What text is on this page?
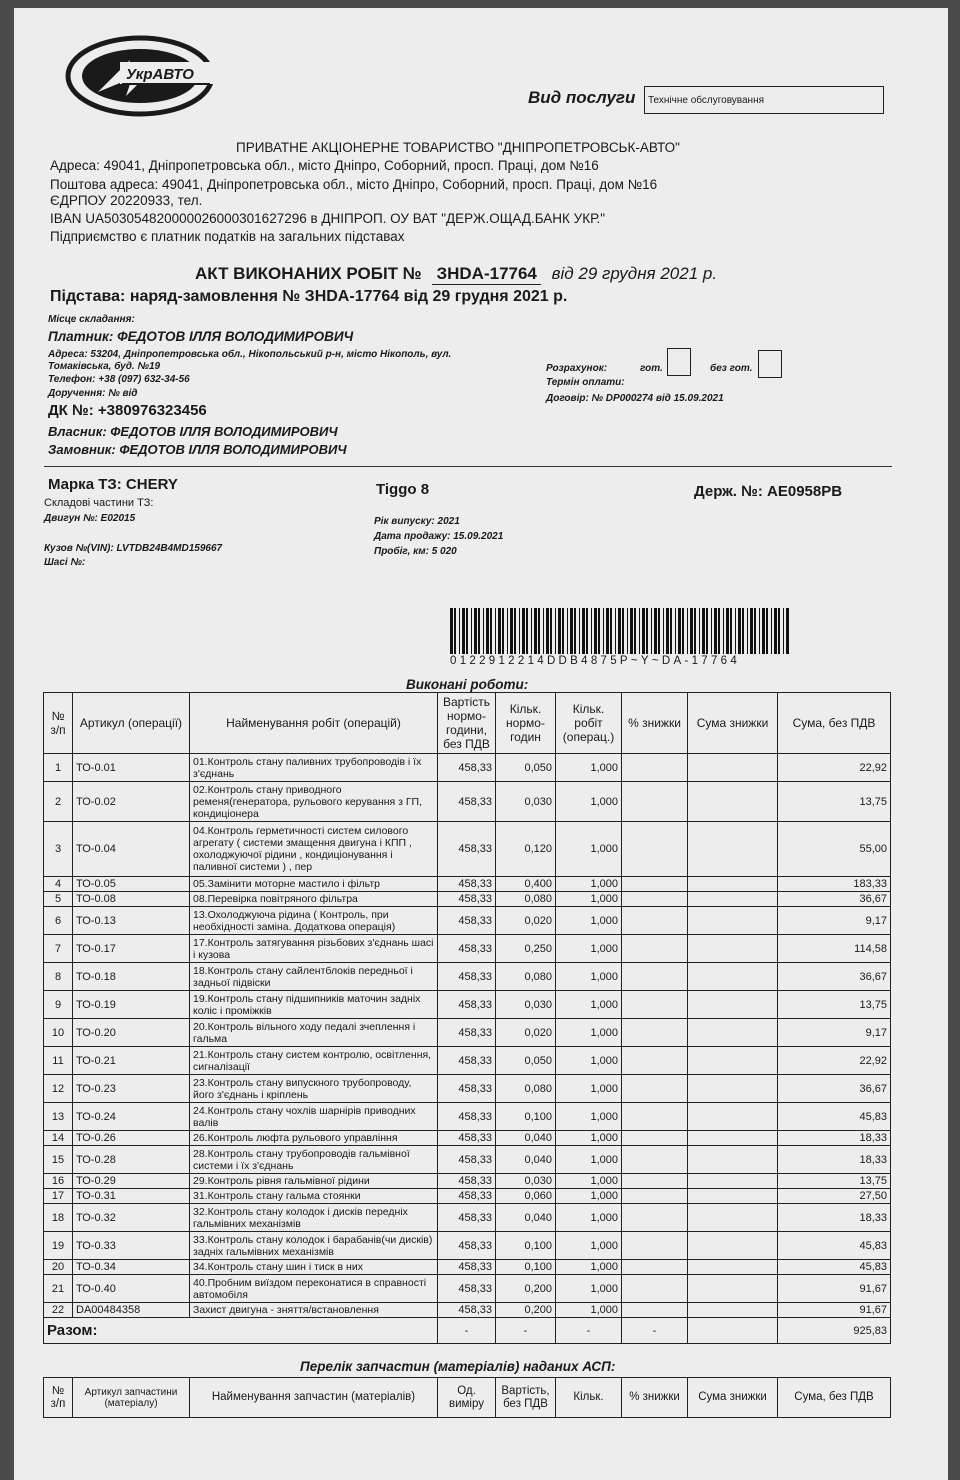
УкрАВТО
Вид послуги	Технічне обслуговування
ПРИВАТНЕ АКЦІОНЕРНЕ ТОВАРИСТВО "ДНІПРОПЕТРОВСЬК-АВТО"
Адреса: 49041, Дніпропетровська обл., місто Дніпро, Соборний, просп. Праці, дом №16
Поштова адреса: 49041, Дніпропетровська обл., місто Дніпро, Соборний, просп. Праці, дом №16
ЄДРПОУ 20220933, тел.
IBAN UA503054820000026000301627296 в ДНІПРОП. ОУ ВАТ "ДЕРЖ.ОЩАД.БАНК УКР."
Підприємство є платник податків на загальних підставах
АКТ ВИКОНАНИХ РОБІТ № ЗНDA-17764 від 29 грудня 2021 р.
Підстава: наряд-замовлення № ЗНDA-17764 від 29 грудня 2021 р.
Місце складання:
Платник: ФЕДОТОВ ІЛЛЯ ВОЛОДИМИРОВИЧ
Адреса: 53204, Дніпропетровська обл., Нікопольський р-н, місто Нікополь, вул.
Томаківська, буд. №19
Телефон: +38 (097) 632-34-56
Доручення: № від
ДК №: +380976323456
Власник: ФЕДОТОВ ІЛЛЯ ВОЛОДИМИРОВИЧ
Замовник: ФЕДОТОВ ІЛЛЯ ВОЛОДИМИРОВИЧ
Розрахунок:	гот.	без гот.
Термін оплати:
Договір: № DP000274 від 15.09.2021
Марка ТЗ: CHERY	Tiggo 8	Держ. №: AE0958PB
Складові частини ТЗ:
Двигун №: E02015
Кузов №(VIN): LVTDB24B4MD159667
Шасі №:
Рік випуску: 2021
Дата продажу: 15.09.2021
Пробіг, км: 5 020
0122912214DDB4875P~Y~DA-17764
Виконані роботи:
№ з/п	Артикул (операції)	Найменування робіт (операцій)	Вартість нормо-години, без ПДВ	Кільк. нормо-годин	Кільк. робіт (операц.)	% знижки	Сума знижки	Сума, без ПДВ
1	ТО-0.01	01.Контроль стану паливних трубопроводів і їх з'єднань	458,33	0,050	1,000			22,92
2	ТО-0.02	02.Контроль стану приводного ременя(генератора, рульового керування з ГП, кондиціонера	458,33	0,030	1,000			13,75
3	ТО-0.04	04.Контроль герметичності систем силового агрегату ( системи змащення двигуна і КПП , охолоджуючої рідини , кондиціонування і паливної системи ) , пер	458,33	0,120	1,000			55,00
4	ТО-0.05	05.Замінити моторне мастило і фільтр	458,33	0,400	1,000			183,33
5	ТО-0.08	08.Перевірка повітряного фільтра	458,33	0,080	1,000			36,67
6	ТО-0.13	13.Охолоджуюча рідина ( Контроль, при необхідності заміна. Додаткова операція)	458,33	0,020	1,000			9,17
7	ТО-0.17	17.Контроль затягування різьбових з'єднань шасі і кузова	458,33	0,250	1,000			114,58
8	ТО-0.18	18.Контроль стану сайлентблоків передньої і задньої підвіски	458,33	0,080	1,000			36,67
9	ТО-0.19	19.Контроль стану підшипників маточин задніх коліс і проміжків	458,33	0,030	1,000			13,75
10	ТО-0.20	20.Контроль вільного ходу педалі зчеплення і гальма	458,33	0,020	1,000			9,17
11	ТО-0.21	21.Контроль стану систем контролю, освітлення, сигналізації	458,33	0,050	1,000			22,92
12	ТО-0.23	23.Контроль стану випускного трубопроводу, його з'єднань і кріплень	458,33	0,080	1,000			36,67
13	ТО-0.24	24.Контроль стану чохлів шарнірів приводних валів	458,33	0,100	1,000			45,83
14	ТО-0.26	26.Контроль люфта рульового управління	458,33	0,040	1,000			18,33
15	ТО-0.28	28.Контроль стану трубопроводів гальмівної системи і їх з'єднань	458,33	0,040	1,000			18,33
16	ТО-0.29	29.Контроль рівня гальмівної рідини	458,33	0,030	1,000			13,75
17	ТО-0.31	31.Контроль стану гальма стоянки	458,33	0,060	1,000			27,50
18	ТО-0.32	32.Контроль стану колодок і дисків передніх гальмівних механізмів	458,33	0,040	1,000			18,33
19	ТО-0.33	33.Контроль стану колодок і барабанів(чи дисків) задніх гальмівних механізмів	458,33	0,100	1,000			45,83
20	ТО-0.34	34.Контроль стану шин і тиск в них	458,33	0,100	1,000			45,83
21	ТО-0.40	40.Пробним виїздом переконатися в справності автомобіля	458,33	0,200	1,000			91,67
22	DA00484358	Захист двигуна - зняття/встановлення	458,33	0,200	1,000			91,67
Разом:			-	-	-	-		925,83
Перелік запчастин (матеріалів) наданих АСП:
№ з/п	Артикул запчастини (матеріалу)	Найменування запчастин (матеріалів)	Од. виміру	Вартість, без ПДВ	Кільк.	% знижки	Сума знижки	Сума, без ПДВ
